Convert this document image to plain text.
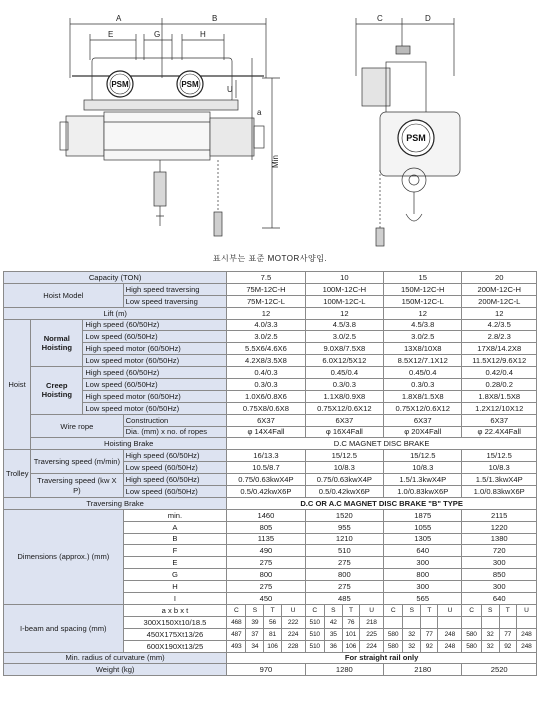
PSM	PSM
PSM
A	B
E	G	H
C	D
U
a
Min
표시부는 표준 MOTOR사양임.
Capacity (TON)				7.5				10				15				20			
Hoist Model			High speed traversing	75M-12C-H				100M-12C-H				150M-12C-H				200M-12C-H			
			Low speed traversing	75M-12C-L				100M-12C-L				150M-12C-L				200M-12C-L			
Lift (m)				12				12				12				12			
Hoist	Normal Hoisting	High speed (60/50Hz)		4.0/3.3				4.5/3.8				4.5/3.8				4.2/3.5			
		Low speed (60/50Hz)		3.0/2.5				3.0/2.5				3.0/2.5				2.8/2.3			
		High speed motor (60/50Hz)		5.5X6/4.6X6				9.0X8/7.5X8				13X8/10X8				17X8/14.2X8			
		Low speed motor (60/50Hz)		4.2X8/3.5X8				6.0X12/5X12				8.5X12/7.1X12				11.5X12/9.6X12			
	Creep Hoisting	High speed (60/50Hz)		0.4/0.3				0.45/0.4				0.45/0.4				0.42/0.4			
		Low speed (60/50Hz)		0.3/0.3				0.3/0.3				0.3/0.3				0.28/0.2			
		High speed motor (60/50Hz)		1.0X6/0.8X6				1.1X8/0.9X8				1.8X8/1.5X8				1.8X8/1.5X8			
		Low speed motor (60/50Hz)		0.75X8/0.6X8				0.75X12/0.6X12				0.75X12/0.6X12				1.2X12/10X12			
	Wire rope		Construction	6X37				6X37				6X37				6X37			
			Dia. (mm) x no. of ropes	φ 14X4Fall				φ 16X4Fall				φ 20X4Fall				φ 22.4X4Fall			
	Hoisting Brake			D.C MAGNET DISC BRAKE															
Trolley	Traversing speed (m/min)		High speed (60/50Hz)	16/13.3				15/12.5				15/12.5				15/12.5			
			Low speed (60/50Hz)	10.5/8.7				10/8.3				10/8.3				10/8.3			
	Traversing speed (kw X P)		High speed (60/50Hz)	0.75/0.63kwX4P				0.75/0.63kwX4P				1.5/1.3kwX4P				1.5/1.3kwX4P			
			Low speed (60/50Hz)	0.5/0.42kwX6P				0.5/0.42kwX6P				1.0/0.83kwX6P				1.0/0.83kwX6P			
Traversing Brake				D.C OR A.C MAGNET DISC BRAKE "B" TYPE															
Dimensions (approx.) (mm)			min.	1460				1520				1875				2115			
			A	805				955				1055				1220			
			B	1135				1210				1305				1380			
			F	490				510				640				720			
			E	275				275				300				300			
			G	800				800				800				850			
			H	275				275				300				300			
			I	450				485				565				640			
I-beam and spacing (mm)			a x b x t	C	S	T	U	C	S	T	U	C	S	T	U	C	S	T	U
			300X150Xt10/18.5	468	39	56	222	510	42	76	218								
			450X175Xt13/26	487	37	81	224	510	35	101	225	580	32	77	248	580	32	77	248
			600X190Xt13/25	493	34	106	228	510	36	106	224	580	32	92	248	580	32	92	248
Min. radius of curvature (mm)				For straight rail only															
Weight (kg)				970				1280				2180				2520			
